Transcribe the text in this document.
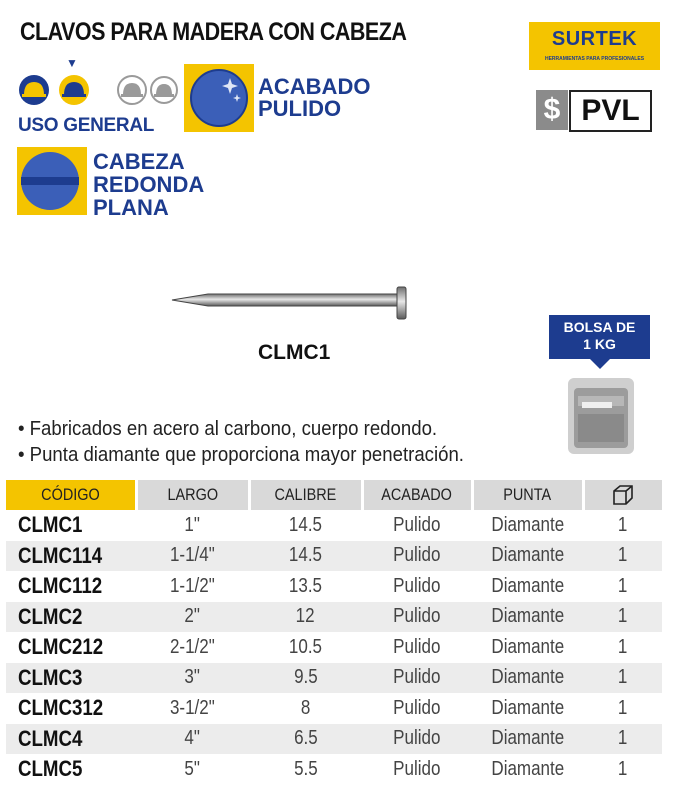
CLAVOS PARA MADERA CON CABEZA	SURTEK
HERRAMIENTAS PARA PROFESIONALES
$ PVL
▼
USO GENERAL
ACABADO
PULIDO
CABEZA
REDONDA
PLANA
CLMC1
BOLSA DE
1 KG
• Fabricados en acero al carbono, cuerpo redondo.
• Punta diamante que proporciona mayor penetración.
CÓDIGO	LARGO	CALIBRE	ACABADO	PUNTA	
CLMC1	1"	14.5	Pulido	Diamante	1
CLMC114	1-1/4"	14.5	Pulido	Diamante	1
CLMC112	1-1/2"	13.5	Pulido	Diamante	1
CLMC2	2"	12	Pulido	Diamante	1
CLMC212	2-1/2"	10.5	Pulido	Diamante	1
CLMC3	3"	9.5	Pulido	Diamante	1
CLMC312	3-1/2"	8	Pulido	Diamante	1
CLMC4	4"	6.5	Pulido	Diamante	1
CLMC5	5"	5.5	Pulido	Diamante	1
